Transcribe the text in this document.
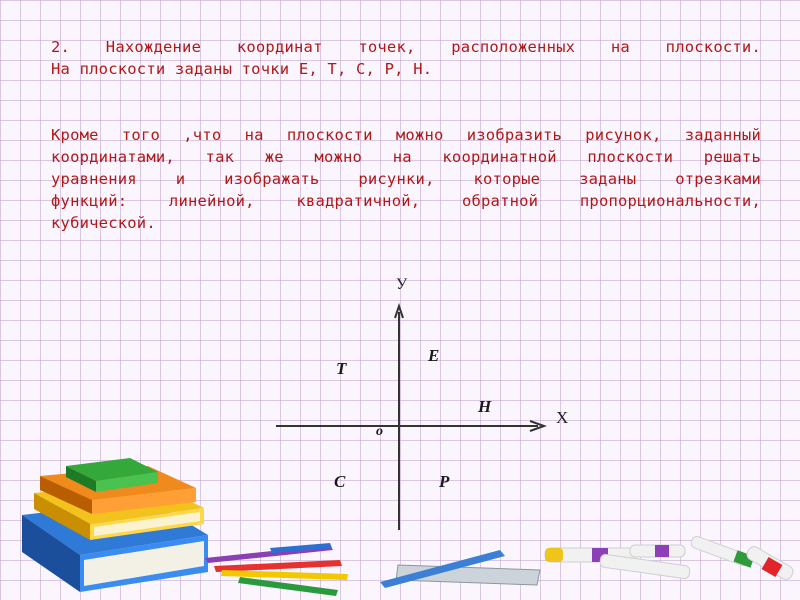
2. Нахождение координат точек, расположенных на плоскости.

На плоскости заданы точки Е, Т, С, Р, Н.

Кроме того ,что на плоскости можно изобразить рисунок, заданный

координатами, так же можно на координатной плоскости решать

уравнения и изображать рисунки, которые заданы отрезками

функций: линейной, квадратичной, обратной пропорциональности,

кубической.

У
X
о
E
T
H
C	P
